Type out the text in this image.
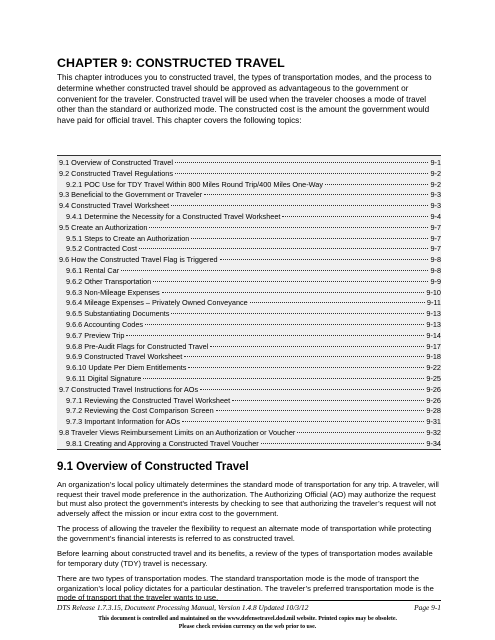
CHAPTER 9: CONSTRUCTED TRAVEL
This chapter introduces you to constructed travel, the types of transportation modes, and the process to determine whether constructed travel should be approved as advantageous to the government or convenient for the traveler. Constructed travel will be used when the traveler chooses a mode of travel other than the standard or authorized mode. The constructed cost is the amount the government would have paid for official travel. This chapter covers the following topics:
9.1 Overview of Constructed Travel	9-1
9.2 Constructed Travel Regulations	9-2
9.2.1 POC Use for TDY Travel Within 800 Miles Round Trip/400 Miles One-Way	9-2
9.3 Beneficial to the Government or Traveler	9-3
9.4 Constructed Travel Worksheet	9-3
9.4.1 Determine the Necessity for a Constructed Travel Worksheet	9-4
9.5 Create an Authorization	9-7
9.5.1 Steps to Create an Authorization	9-7
9.5.2 Contracted Cost	9-7
9.6 How the Constructed Travel Flag is Triggered	9-8
9.6.1 Rental Car	9-8
9.6.2 Other Transportation	9-9
9.6.3 Non-Mileage Expenses	9-10
9.6.4 Mileage Expenses – Privately Owned Conveyance	9-11
9.6.5 Substantiating Documents	9-13
9.6.6 Accounting Codes	9-13
9.6.7 Preview Trip	9-14
9.6.8 Pre-Audit Flags for Constructed Travel	9-17
9.6.9 Constructed Travel Worksheet	9-18
9.6.10 Update Per Diem Entitlements	9-22
9.6.11 Digital Signature	9-25
9.7 Constructed Travel Instructions for AOs	9-26
9.7.1 Reviewing the Constructed Travel Worksheet	9-26
9.7.2 Reviewing the Cost Comparison Screen	9-28
9.7.3 Important Information for AOs	9-31
9.8 Traveler Views Reimbursement Limits on an Authorization or Voucher	9-32
9.8.1 Creating and Approving a Constructed Travel Voucher	9-34
9.1 Overview of Constructed Travel
An organization’s local policy ultimately determines the standard mode of transportation for any trip. A traveler, will request their travel mode preference in the authorization. The Authorizing Official (AO) may authorize the request but must also protect the government’s interests by checking to see that authorizing the traveler’s request will not adversely affect the mission or incur extra cost to the government.
The process of allowing the traveler the flexibility to request an alternate mode of transportation while protecting the government’s financial interests is referred to as constructed travel.
Before learning about constructed travel and its benefits, a review of the types of transportation modes available for temporary duty (TDY) travel is necessary.
DTS Release 1.7.3.15, Document Processing Manual, Version 1.4.8 Updated 10/3/12	Page 9-1
This document is controlled and maintained on the www.defensetravel.dod.mil website. Printed copies may be obsolete.
Please check revision currency on the web prior to use.
There are two types of transportation modes. The standard transportation mode is the mode of transport the organization’s local policy dictates for a particular destination. The traveler’s preferred transportation mode is the mode of transport that the traveler wants to use.
